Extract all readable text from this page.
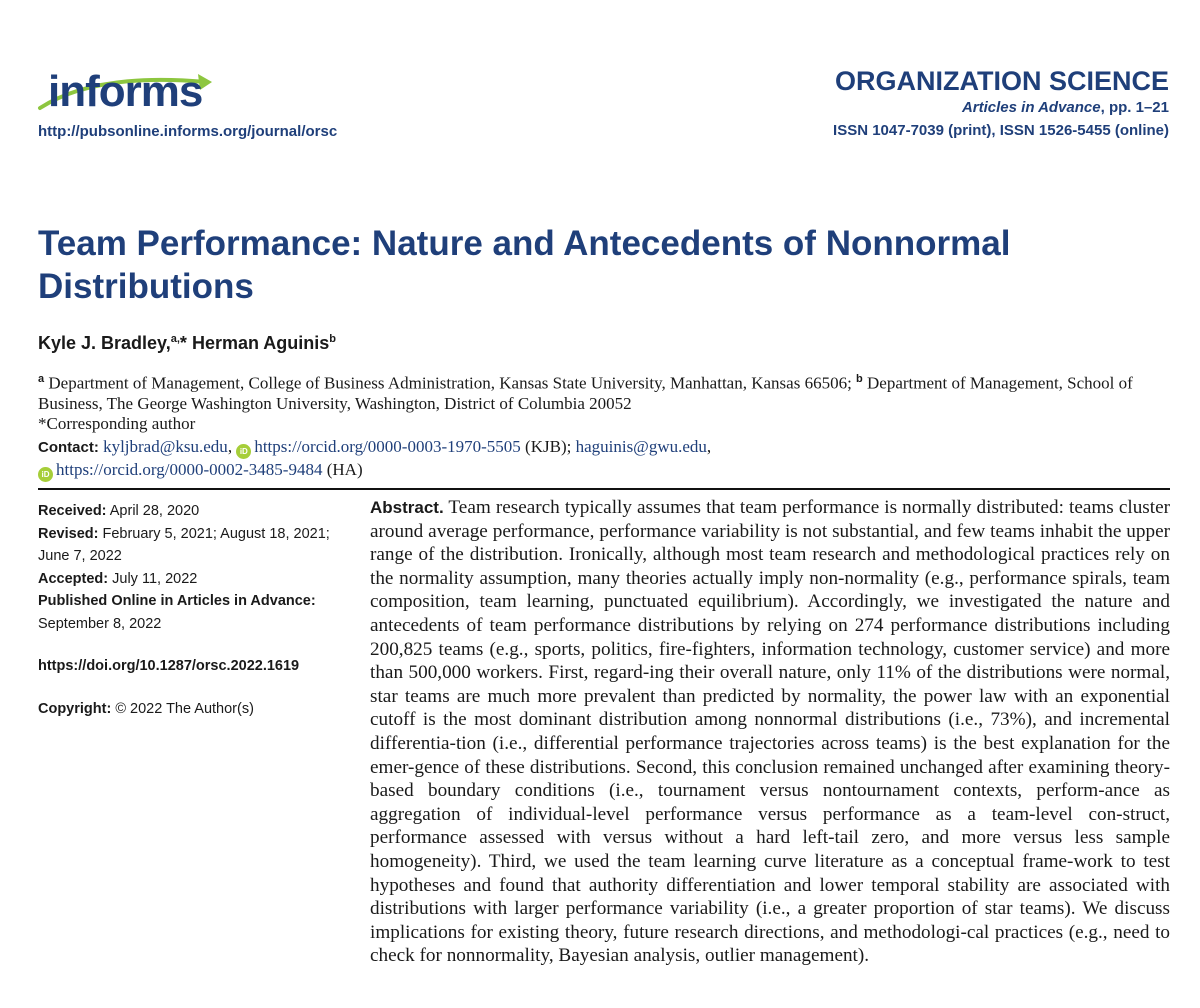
informs
http://pubsonline.informs.org/journal/orsc
ORGANIZATION SCIENCE
Articles in Advance, pp. 1–21
ISSN 1047-7039 (print), ISSN 1526-5455 (online)
Team Performance: Nature and Antecedents of Nonnormal Distributions
Kyle J. Bradley,$^{a,}$* Herman Aguinis$^b$
$^a$ Department of Management, College of Business Administration, Kansas State University, Manhattan, Kansas 66506; $^b$ Department of Management, School of Business, The George Washington University, Washington, District of Columbia 20052
*Corresponding author
Contact: kyljbrad@ksu.edu, iD https://orcid.org/0000-0003-1970-5505 (KJB); haguinis@gwu.edu,
iD https://orcid.org/0000-0002-3485-9484 (HA)
Received: April 28, 2020
Revised: February 5, 2021; August 18, 2021; June 7, 2022
Accepted: July 11, 2022
Published Online in Articles in Advance:
September 8, 2022
https://doi.org/10.1287/orsc.2022.1619
Copyright: © 2022 The Author(s)

Abstract. Team research typically assumes that team performance is normally distributed: teams cluster around average performance, performance variability is not substantial, and few teams inhabit the upper range of the distribution. Ironically, although most team research and methodological practices rely on the normality assumption, many theories actually imply non-normality (e.g., performance spirals, team composition, team learning, punctuated equilibrium). Accordingly, we investigated the nature and antecedents of team performance distributions by relying on 274 performance distributions including 200,825 teams (e.g., sports, politics, fire-fighters, information technology, customer service) and more than 500,000 workers. First, regard-ing their overall nature, only 11% of the distributions were normal, star teams are much more prevalent than predicted by normality, the power law with an exponential cutoff is the most dominant distribution among nonnormal distributions (i.e., 73%), and incremental differentia-tion (i.e., differential performance trajectories across teams) is the best explanation for the emer-gence of these distributions. Second, this conclusion remained unchanged after examining theory-based boundary conditions (i.e., tournament versus nontournament contexts, perform-ance as aggregation of individual-level performance versus performance as a team-level con-struct, performance assessed with versus without a hard left-tail zero, and more versus less sample homogeneity). Third, we used the team learning curve literature as a conceptual frame-work to test hypotheses and found that authority differentiation and lower temporal stability are associated with distributions with larger performance variability (i.e., a greater proportion of star teams). We discuss implications for existing theory, future research directions, and methodologi-cal practices (e.g., need to check for nonnormality, Bayesian analysis, outlier management).
